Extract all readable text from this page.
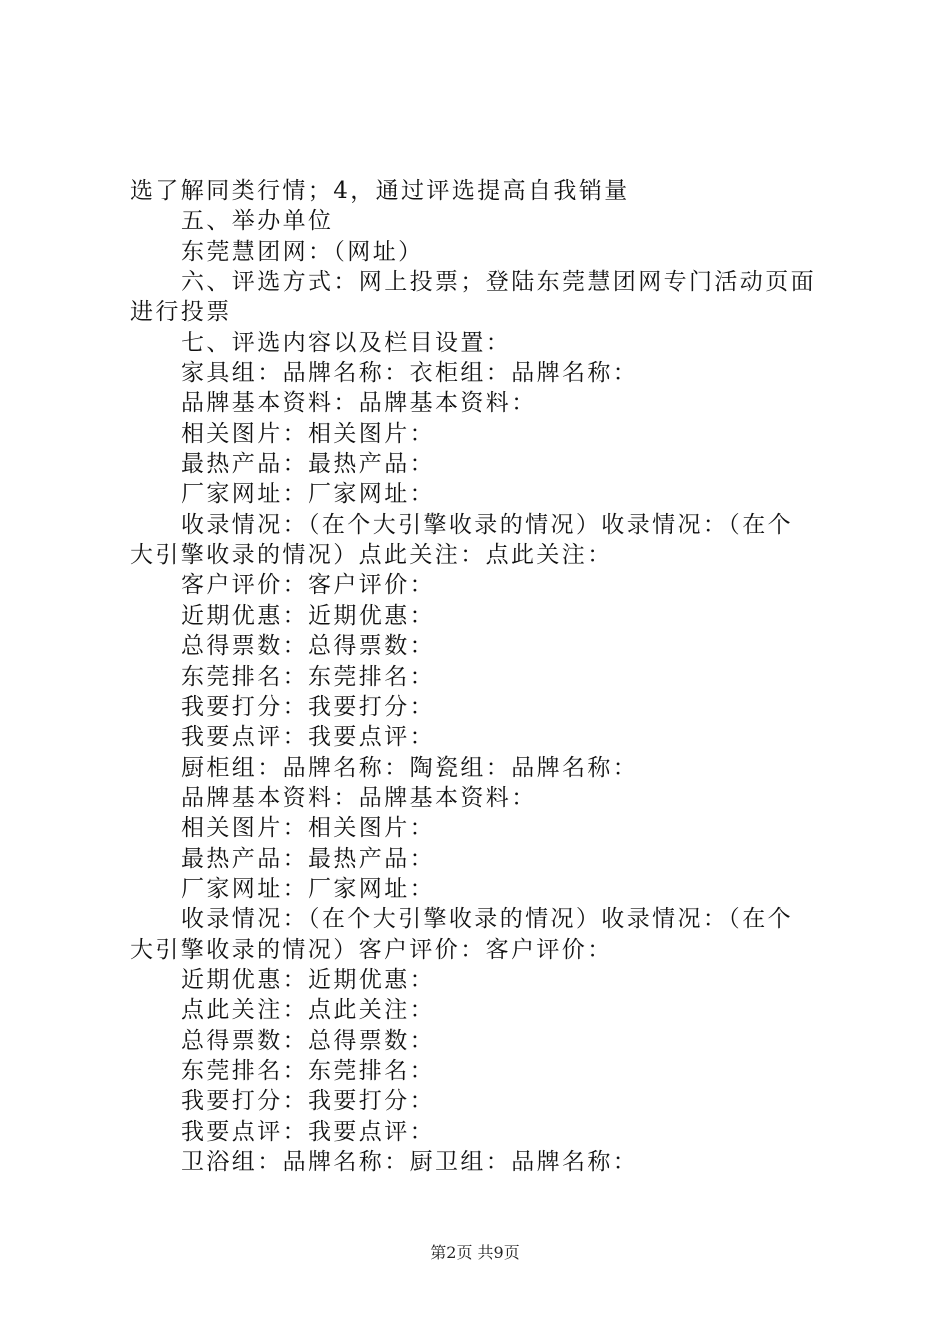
选了解同类行情；4，通过评选提高自我销量
五、举办单位
东莞慧团网：（网址）
六、评选方式：网上投票；登陆东莞慧团网专门活动页面
进行投票
七、评选内容以及栏目设置：
家具组：品牌名称：衣柜组：品牌名称：
品牌基本资料：品牌基本资料：
相关图片：相关图片：
最热产品：最热产品：
厂家网址：厂家网址：
收录情况：（在个大引擎收录的情况）收录情况：（在个
大引擎收录的情况）点此关注：点此关注：
客户评价：客户评价：
近期优惠：近期优惠：
总得票数：总得票数：
东莞排名：东莞排名：
我要打分：我要打分：
我要点评：我要点评：
厨柜组：品牌名称：陶瓷组：品牌名称：
品牌基本资料：品牌基本资料：
相关图片：相关图片：
最热产品：最热产品：
厂家网址：厂家网址：
收录情况：（在个大引擎收录的情况）收录情况：（在个
大引擎收录的情况）客户评价：客户评价：
近期优惠：近期优惠：
点此关注：点此关注：
总得票数：总得票数：
东莞排名：东莞排名：
我要打分：我要打分：
我要点评：我要点评：
卫浴组：品牌名称：厨卫组：品牌名称：
第2页 共9页
